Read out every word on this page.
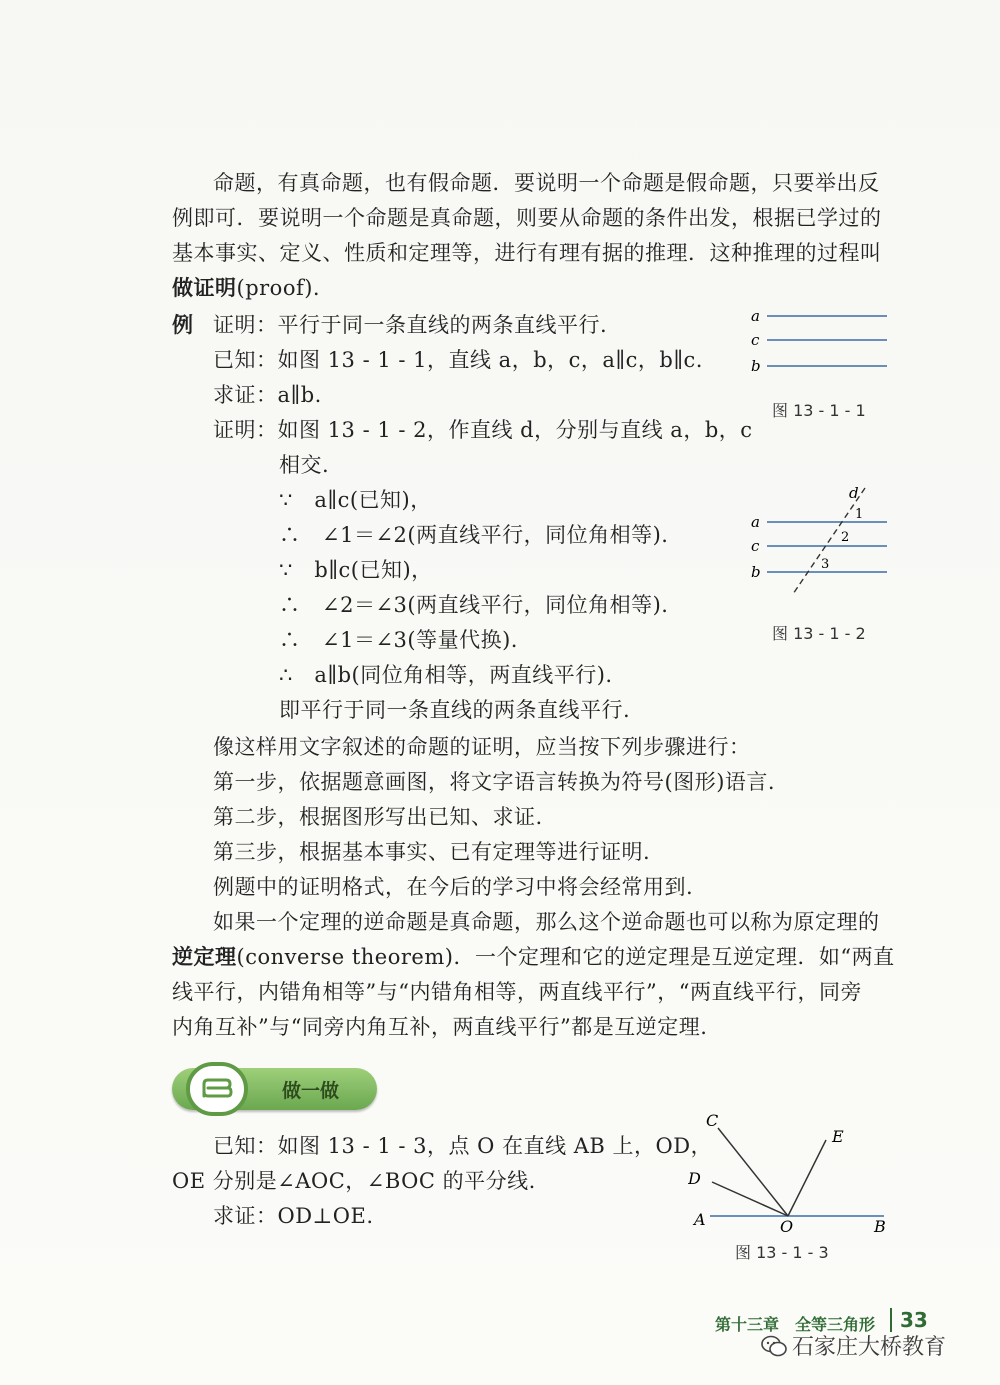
命题，有真命题，也有假命题．要说明一个命题是假命题，只要举出反
例即可．要说明一个命题是真命题，则要从命题的条件出发，根据已学过的
基本事实、定义、性质和定理等，进行有理有据的推理．这种推理的过程叫
做证明(proof).
例 证明：平行于同一条直线的两条直线平行.
已知：如图 13 - 1 - 1，直线 a，b，c，a∥c，b∥c.
求证：a∥b.
证明：如图 13 - 1 - 2，作直线 d，分别与直线 a，b，c
相交.
∵  a∥c(已知)，
∴  ∠1＝∠2(两直线平行，同位角相等).
∵  b∥c(已知)，
∴  ∠2＝∠3(两直线平行，同位角相等).
∴  ∠1＝∠3(等量代换).
∴  a∥b(同位角相等，两直线平行).
即平行于同一条直线的两条直线平行.
像这样用文字叙述的命题的证明，应当按下列步骤进行：
第一步，依据题意画图，将文字语言转换为符号(图形)语言.
第二步，根据图形写出已知、求证.
第三步，根据基本事实、已有定理等进行证明.
例题中的证明格式，在今后的学习中将会经常用到.
如果一个定理的逆命题是真命题，那么这个逆命题也可以称为原定理的
逆定理(converse theorem)．一个定理和它的逆定理是互逆定理．如“两直
线平行，内错角相等”与“内错角相等，两直线平行”，“两直线平行，同旁
内角互补”与“同旁内角互补，两直线平行”都是互逆定理.
a
c
b
图 13 - 1 - 1
d
a
c
b
1
2
3
图 13 - 1 - 2
做一做
已知：如图 13 - 1 - 3，点 O 在直线 AB 上，OD，
OE 分别是∠AOC，∠BOC 的平分线.
求证：OD⊥OE.
C
E
D
A	O	B
图 13 - 1 - 3
第十三章　全等三角形 33
石家庄大桥教育
